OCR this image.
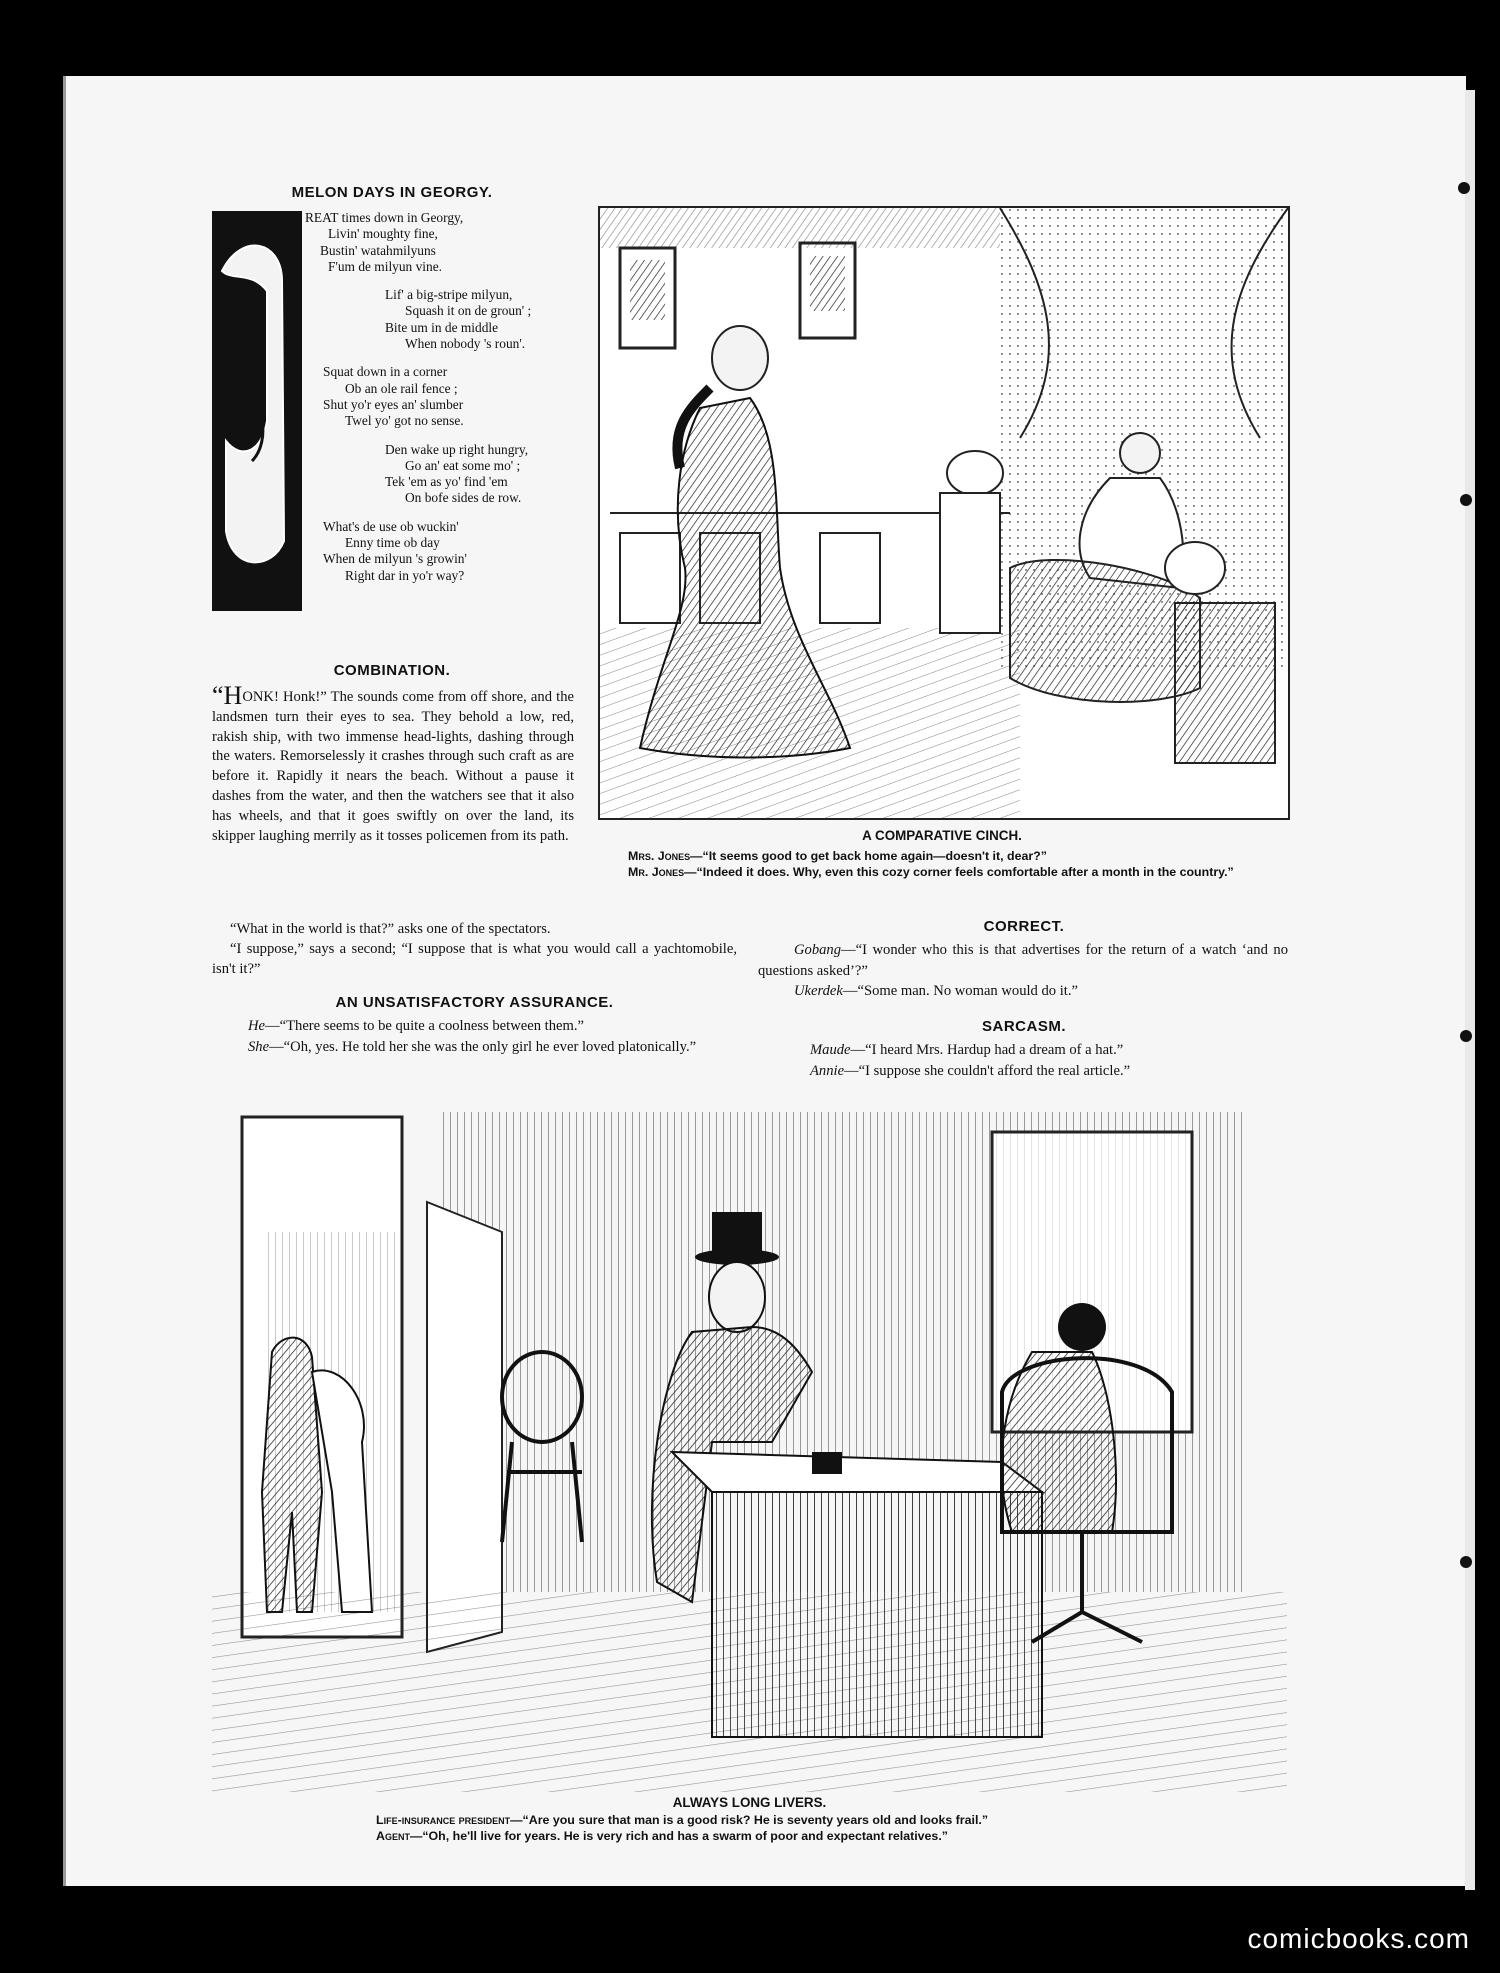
MELON DAYS IN GEORGY.
REAT times down in Georgy,
Livin' moughty fine,
Bustin' watahmilyuns
F'um de milyun vine.
Lif' a big-stripe milyun,
Squash it on de groun' ;
Bite um in de middle
When nobody 's roun'.
Squat down in a corner
Ob an ole rail fence ;
Shut yo'r eyes an' slumber
Twel yo' got no sense.
Den wake up right hungry,
Go an' eat some mo' ;
Tek 'em as yo' find 'em
On bofe sides de row.
What's de use ob wuckin'
Enny time ob day
When de milyun 's growin'
Right dar in yo'r way?
COMBINATION.

“HONK! Honk!” The sounds come from off shore, and the landsmen turn their eyes to sea. They behold a low, red, rakish ship, with two immense head-lights, dashing through the waters. Remorselessly it crashes through such craft as are before it. Rapidly it nears the beach. Without a pause it dashes from the water, and then the watchers see that it also has wheels, and that it goes swiftly on over the land, its skipper laughing merrily as it tosses policemen from its path.

“What in the world is that?” asks one of the spectators.

“I suppose,” says a second; “I suppose that is what you would call a yachtomobile, isn't it?”

AN UNSATISFACTORY ASSURANCE.

He—“There seems to be quite a coolness between them.”

She—“Oh, yes. He told her she was the only girl he ever loved platonically.”

A COMPARATIVE CINCH.
Mrs. Jones—“It seems good to get back home again—doesn't it, dear?”
Mr. Jones—“Indeed it does. Why, even this cozy corner feels comfortable after a month in the country.”
CORRECT.

Gobang—“I wonder who this is that advertises for the return of a watch ‘and no questions asked’?”

Ukerdek—“Some man. No woman would do it.”

SARCASM.

Maude—“I heard Mrs. Hardup had a dream of a hat.”

Annie—“I suppose she couldn't afford the real article.”

ALWAYS LONG LIVERS.
Life-insurance president—“Are you sure that man is a good risk? He is seventy years old and looks frail.”
Agent—“Oh, he'll live for years. He is very rich and has a swarm of poor and expectant relatives.”
comicbooks.com
